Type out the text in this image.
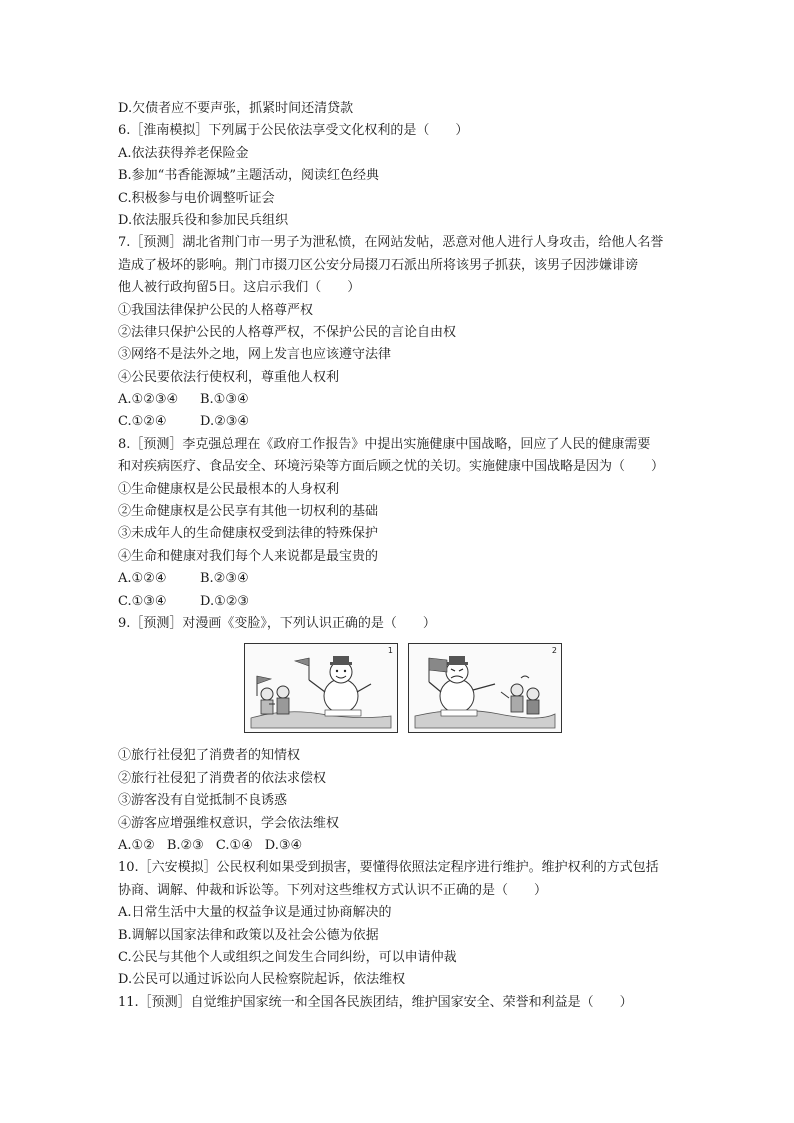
D.欠债者应不要声张，抓紧时间还清贷款
6.［淮南模拟］下列属于公民依法享受文化权利的是（　　）
A.依法获得养老保险金
B.参加“书香能源城”主题活动，阅读红色经典
C.积极参与电价调整听证会
D.依法服兵役和参加民兵组织
7.［预测］湖北省荆门市一男子为泄私愤，在网站发帖，恶意对他人进行人身攻击，给他人名誉
造成了极坏的影响。荆门市掇刀区公安分局掇刀石派出所将该男子抓获，该男子因涉嫌诽谤
他人被行政拘留5日。这启示我们（　　）
①我国法律保护公民的人格尊严权
②法律只保护公民的人格尊严权，不保护公民的言论自由权
③网络不是法外之地，网上发言也应该遵守法律
④公民要依法行使权利，尊重他人权利
A.①②③④ B.①③④
C.①②④	D.②③④
8.［预测］李克强总理在《政府工作报告》中提出实施健康中国战略，回应了人民的健康需要
和对疾病医疗、食品安全、环境污染等方面后顾之忧的关切。实施健康中国战略是因为（　　）
①生命健康权是公民最根本的人身权利
②生命健康权是公民享有其他一切权利的基础
③未成年人的生命健康权受到法律的特殊保护
④生命和健康对我们每个人来说都是最宝贵的
A.①②④	B.②③④
C.①③④	D.①②③
9.［预测］对漫画《变脸》，下列认识正确的是（　　）
1	2
①旅行社侵犯了消费者的知情权
②旅行社侵犯了消费者的依法求偿权
③游客没有自觉抵制不良诱惑
④游客应增强维权意识，学会依法维权
A.①② B.②③ C.①④ D.③④
10.［六安模拟］公民权利如果受到损害，要懂得依照法定程序进行维护。维护权利的方式包括
协商、调解、仲裁和诉讼等。下列对这些维权方式认识不正确的是（　　）
A.日常生活中大量的权益争议是通过协商解决的
B.调解以国家法律和政策以及社会公德为依据
C.公民与其他个人或组织之间发生合同纠纷，可以申请仲裁
D.公民可以通过诉讼向人民检察院起诉，依法维权
11.［预测］自觉维护国家统一和全国各民族团结，维护国家安全、荣誉和利益是（　　）
